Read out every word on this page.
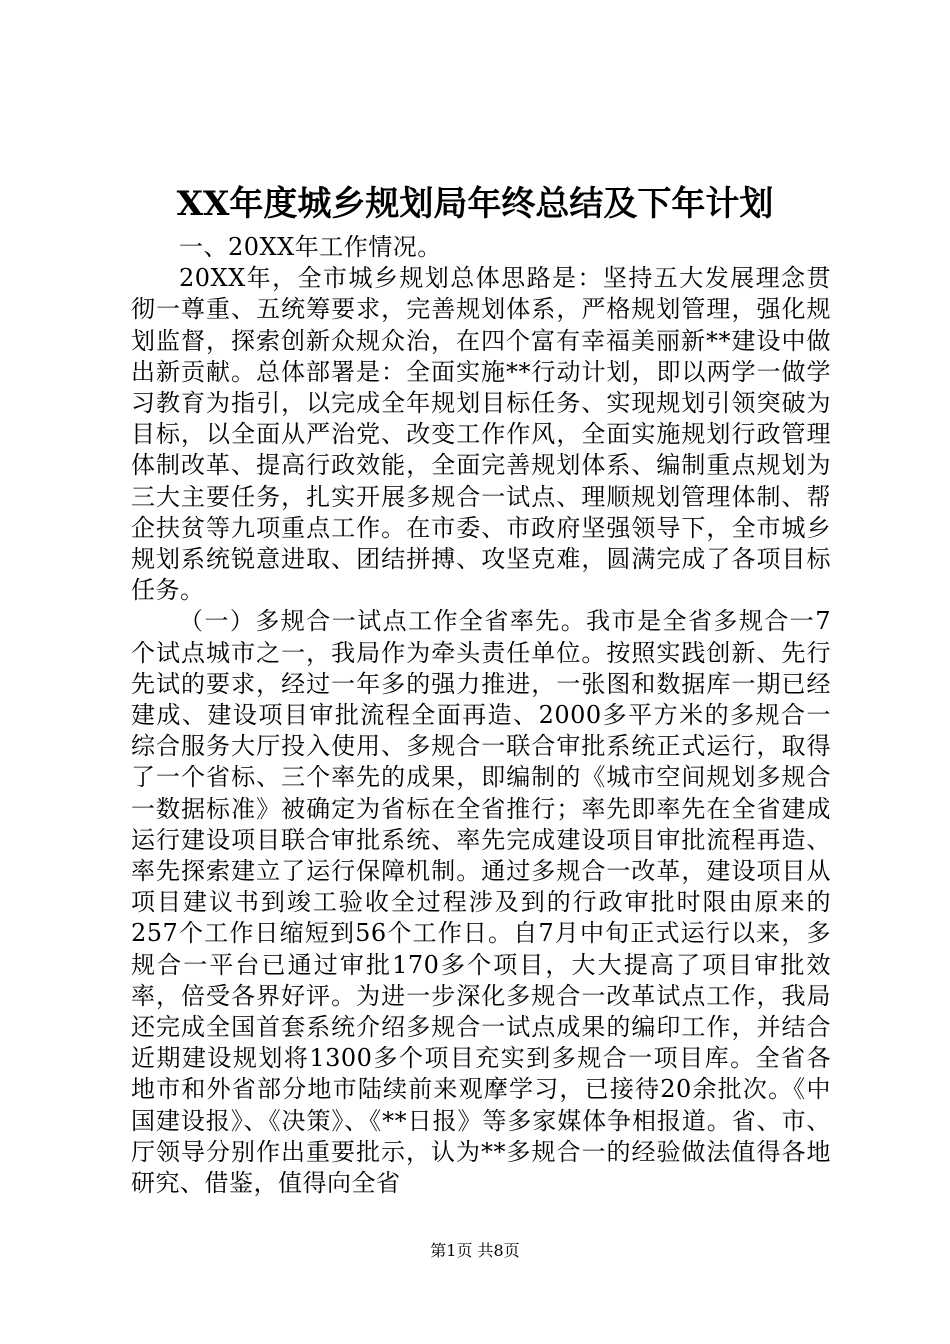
XX年度城乡规划局年终总结及下年计划

一、20XX年工作情况。

20XX年，全市城乡规划总体思路是：坚持五大发展理念贯彻一尊重、五统筹要求，完善规划体系，严格规划管理，强化规划监督，探索创新众规众治，在四个富有幸福美丽新**建设中做出新贡献。总体部署是：全面实施**行动计划，即以两学一做学习教育为指引，以完成全年规划目标任务、实现规划引领突破为目标，以全面从严治党、改变工作作风，全面实施规划行政管理体制改革、提高行政效能，全面完善规划体系、编制重点规划为三大主要任务，扎实开展多规合一试点、理顺规划管理体制、帮企扶贫等九项重点工作。在市委、市政府坚强领导下，全市城乡规划系统锐意进取、团结拼搏、攻坚克难，圆满完成了各项目标任务。

（一）多规合一试点工作全省率先。我市是全省多规合一7个试点城市之一，我局作为牵头责任单位。按照实践创新、先行先试的要求，经过一年多的强力推进，一张图和数据库一期已经建成、建设项目审批流程全面再造、2000多平方米的多规合一综合服务大厅投入使用、多规合一联合审批系统正式运行，取得了一个省标、三个率先的成果，即编制的《城市空间规划多规合一数据标准》被确定为省标在全省推行；率先即率先在全省建成运行建设项目联合审批系统、率先完成建设项目审批流程再造、率先探索建立了运行保障机制。通过多规合一改革，建设项目从项目建议书到竣工验收全过程涉及到的行政审批时限由原来的257个工作日缩短到56个工作日。自7月中旬正式运行以来，多规合一平台已通过审批170多个项目，大大提高了项目审批效率，倍受各界好评。为进一步深化多规合一改革试点工作，我局还完成全国首套系统介绍多规合一试点成果的编印工作，并结合近期建设规划将1300多个项目充实到多规合一项目库。全省各地市和外省部分地市陆续前来观摩学习，已接待20余批次。《中国建设报》、《决策》、《**日报》等多家媒体争相报道。省、市、厅领导分别作出重要批示，认为**多规合一的经验做法值得各地研究、借鉴，值得向全省

第1页 共8页
